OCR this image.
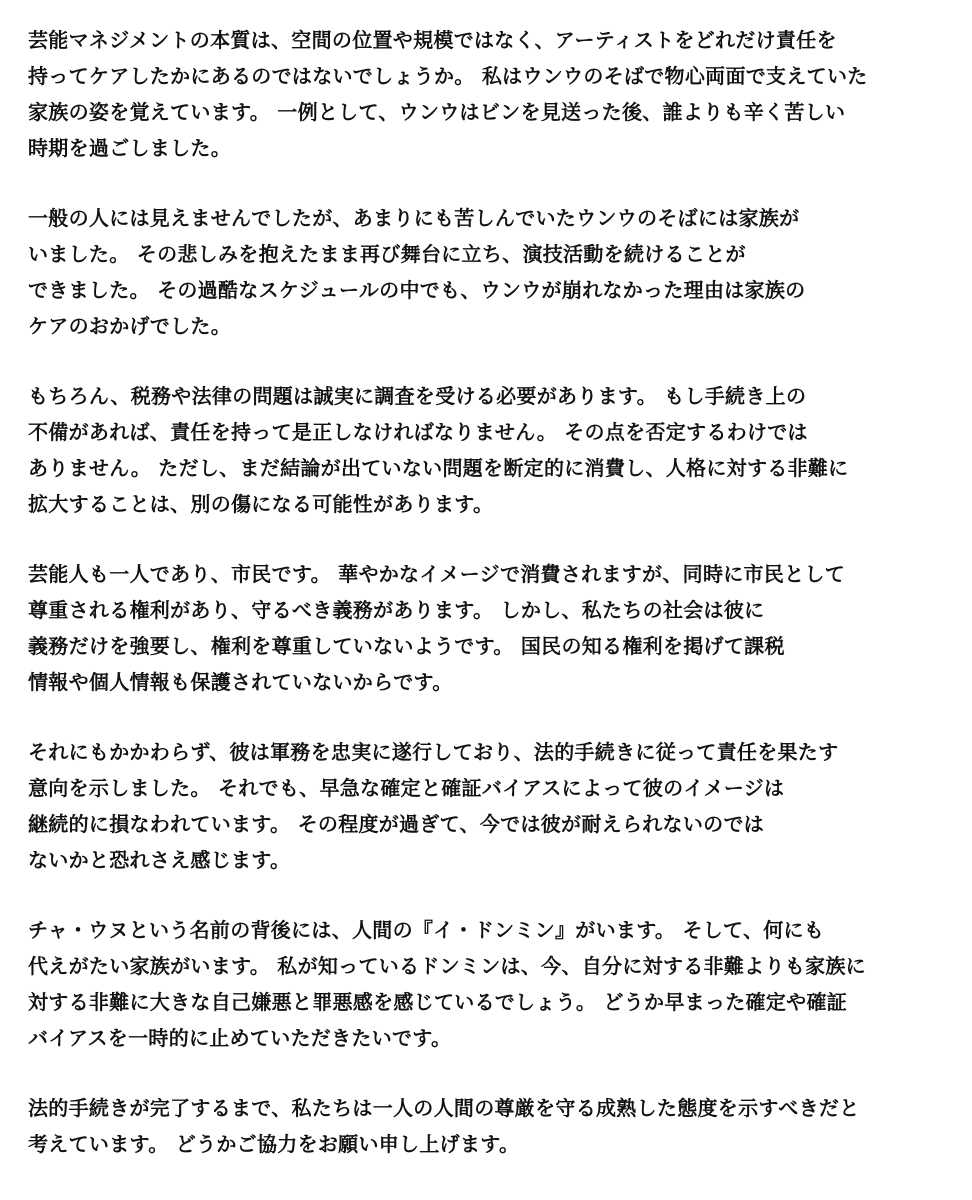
芸能マネジメントの本質は、空間の位置や規模ではなく、アーティストをどれだけ責任を
持ってケアしたかにあるのではないでしょうか。 私はウンウのそばで物心両面で支えていた
家族の姿を覚えています。 一例として、ウンウはビンを見送った後、誰よりも辛く苦しい
時期を過ごしました。
一般の人には見えませんでしたが、あまりにも苦しんでいたウンウのそばには家族が
いました。 その悲しみを抱えたまま再び舞台に立ち、演技活動を続けることが
できました。 その過酷なスケジュールの中でも、ウンウが崩れなかった理由は家族の
ケアのおかげでした。
もちろん、税務や法律の問題は誠実に調査を受ける必要があります。 もし手続き上の
不備があれば、責任を持って是正しなければなりません。 その点を否定するわけでは
ありません。 ただし、まだ結論が出ていない問題を断定的に消費し、人格に対する非難に
拡大することは、別の傷になる可能性があります。
芸能人も一人であり、市民です。 華やかなイメージで消費されますが、同時に市民として
尊重される権利があり、守るべき義務があります。 しかし、私たちの社会は彼に
義務だけを強要し、権利を尊重していないようです。 国民の知る権利を掲げて課税
情報や個人情報も保護されていないからです。
それにもかかわらず、彼は軍務を忠実に遂行しており、法的手続きに従って責任を果たす
意向を示しました。 それでも、早急な確定と確証バイアスによって彼のイメージは
継続的に損なわれています。 その程度が過ぎて、今では彼が耐えられないのでは
ないかと恐れさえ感じます。
チャ・ウヌという名前の背後には、人間の『イ・ドンミン』がいます。 そして、何にも
代えがたい家族がいます。 私が知っているドンミンは、今、自分に対する非難よりも家族に
対する非難に大きな自己嫌悪と罪悪感を感じているでしょう。 どうか早まった確定や確証
バイアスを一時的に止めていただきたいです。
法的手続きが完了するまで、私たちは一人の人間の尊厳を守る成熟した態度を示すべきだと
考えています。 どうかご協力をお願い申し上げます。
